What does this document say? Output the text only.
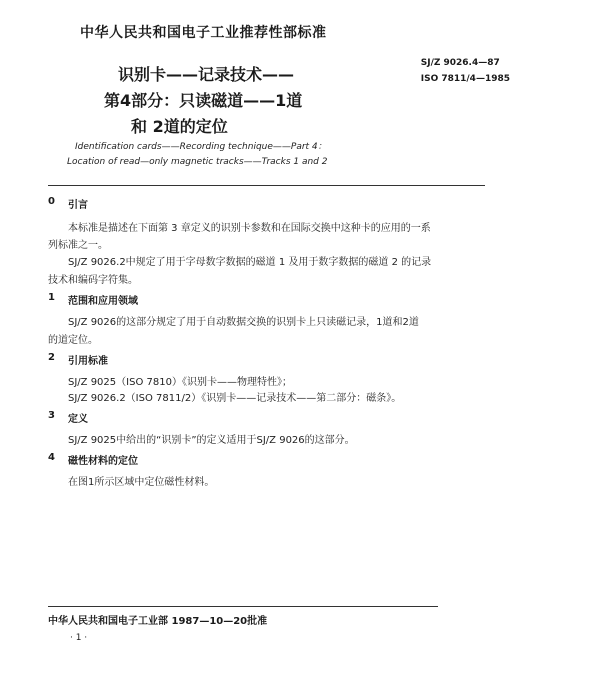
中华人民共和国电子工业推荐性部标准
SJ/Z 9026.4—87
ISO 7811/4—1985
识别卡——记录技术——
第4部分：只读磁道——1道
和 2道的定位
Identification cards——Recording technique——Part 4：
Location of read—only magnetic tracks——Tracks 1 and 2
0 引言
本标准是描述在下面第 3 章定义的识别卡参数和在国际交换中这种卡的应用的一系
列标准之一。
SJ/Z 9026.2中规定了用于字母数字数据的磁道 1 及用于数字数据的磁道 2 的记录
技术和编码字符集。
1 范围和应用领域
SJ/Z 9026的这部分规定了用于自动数据交换的识别卡上只读磁记录，1道和2道
的道定位。
2 引用标准
SJ/Z 9025（ISO 7810）《识别卡——物理特性》；
SJ/Z 9026.2（ISO 7811/2）《识别卡——记录技术——第二部分：磁条》。
3 定义
SJ/Z 9025中给出的“识别卡”的定义适用于SJ/Z 9026的这部分。
4 磁性材料的定位
在图1所示区域中定位磁性材料。
中华人民共和国电子工业部 1987—10—20批准
· 1 ·
